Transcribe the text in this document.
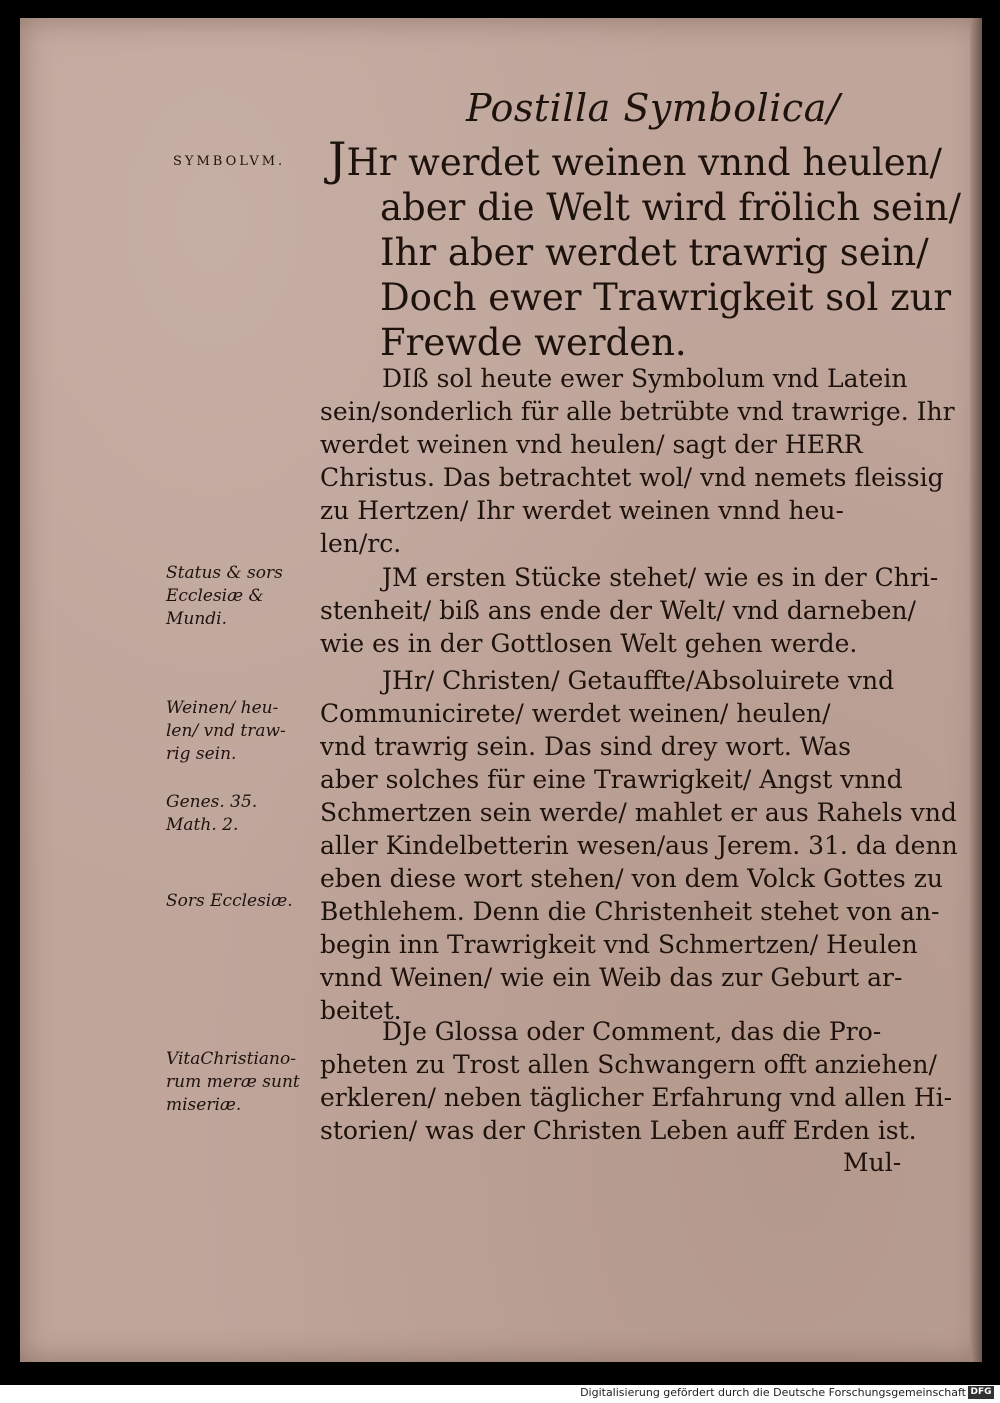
Postilla Symbolica/
SYMBOLVM. JHr werdet weinen vnnd heulen/
aber die Welt wird frölich sein/
Ihr aber werdet trawrig sein/
Doch ewer Trawrigkeit sol zur
Frewde werden.
DIß sol heute ewer Symbolum vnd Latein
sein/sonderlich für alle betrübte vnd trawrige. Ihr
werdet weinen vnd heulen/ sagt der HERR
Christus. Das betrachtet wol/ vnd nemets fleissig
zu Hertzen/ Ihr werdet weinen vnnd heu-
len/rc.
JM ersten Stücke stehet/ wie es in der Chri-
stenheit/ biß ans ende der Welt/ vnd darneben/
wie es in der Gottlosen Welt gehen werde.
JHr/ Christen/ Getauffte/Absoluirete vnd
Communicirete/ werdet weinen/ heulen/
vnd trawrig sein. Das sind drey wort. Was
aber solches für eine Trawrigkeit/ Angst vnnd
Schmertzen sein werde/ mahlet er aus Rahels vnd
aller Kindelbetterin wesen/aus Jerem. 31. da denn
eben diese wort stehen/ von dem Volck Gottes zu
Bethlehem. Denn die Christenheit stehet von an-
begin inn Trawrigkeit vnd Schmertzen/ Heulen
vnnd Weinen/ wie ein Weib das zur Geburt ar-
beitet.
DJe Glossa oder Comment, das die Pro-
pheten zu Trost allen Schwangern offt anziehen/
erkleren/ neben täglicher Erfahrung vnd allen Hi-
storien/ was der Christen Leben auff Erden ist.
Status & sors
Ecclesiæ &
Mundi.
Weinen/ heu-
len/ vnd traw-
rig sein.
Genes. 35.
Math. 2.
Sors Ecclesiæ.
VitaChristiano-
rum meræ sunt
miseriæ.
Mul-
Digitalisierung gefördert durch die Deutsche Forschungsgemeinschaft DFG
